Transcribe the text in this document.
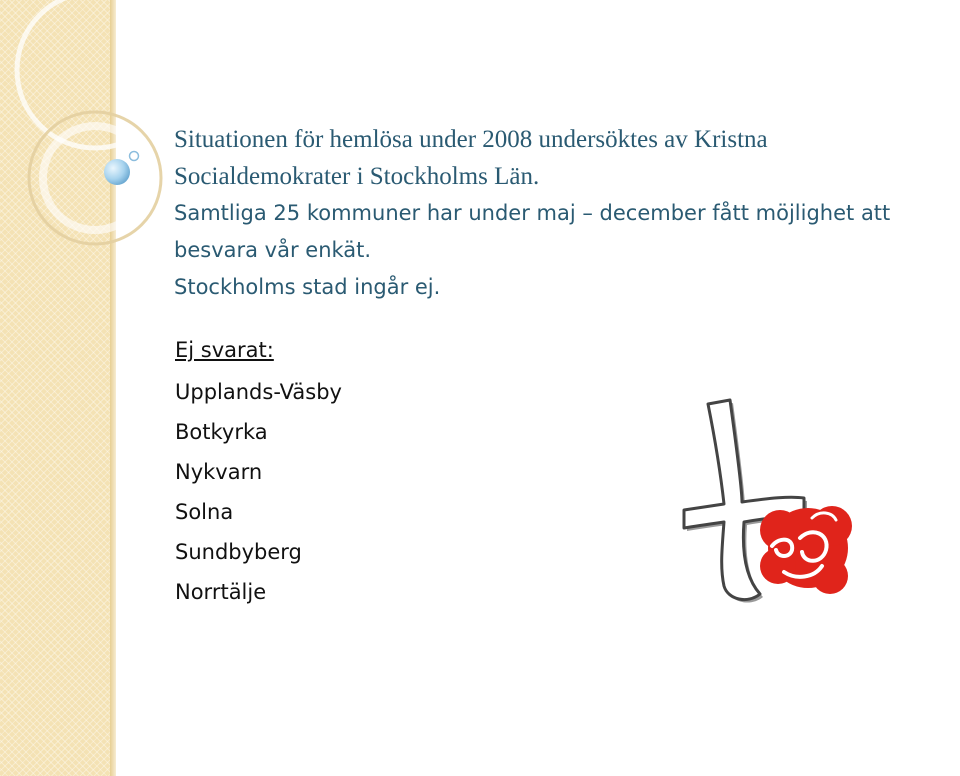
Situationen för hemlösa under 2008 undersöktes av Kristna
Socialdemokrater i Stockholms Län.
Samtliga 25 kommuner har under maj – december fått möjlighet att
besvara vår enkät.
Stockholms stad ingår ej.

Ej svarat:
Upplands-Väsby
Botkyrka
Nykvarn
Solna
Sundbyberg
Norrtälje
